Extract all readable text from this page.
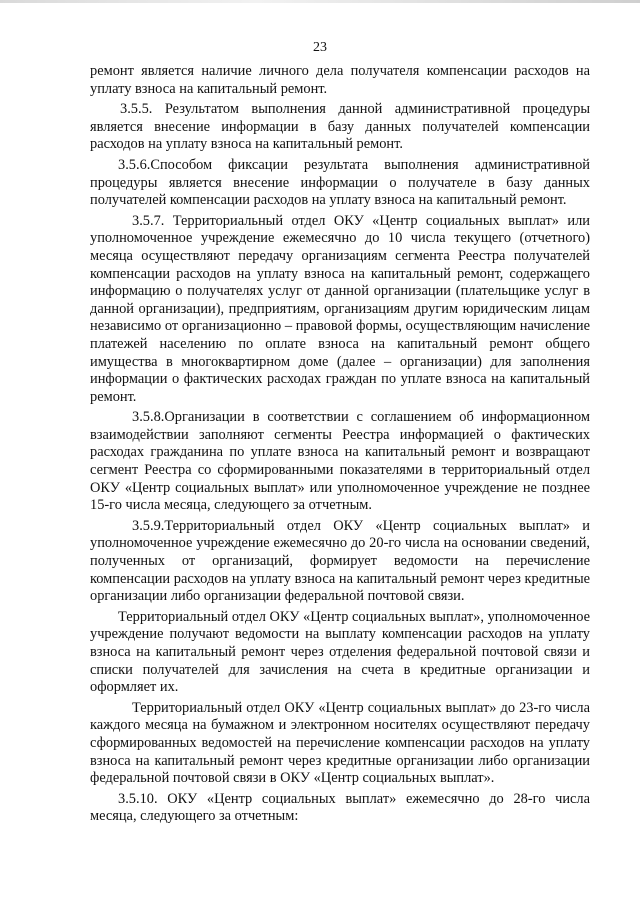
23

ремонт является наличие личного дела получателя компенсации расходов на уплату взноса на капитальный ремонт.

3.5.5. Результатом выполнения данной административной процедуры является внесение информации в базу данных получателей компенсации расходов на уплату взноса на капитальный ремонт.

3.5.6.Способом фиксации результата выполнения административной процедуры является внесение информации о получателе в базу данных получателей компенсации расходов на уплату взноса на капитальный ремонт.

3.5.7. Территориальный отдел ОКУ «Центр социальных выплат» или уполномоченное учреждение ежемесячно до 10 числа текущего (отчетного) месяца осуществляют передачу организациям сегмента Реестра получателей компенсации расходов на уплату взноса на капитальный ремонт, содержащего информацию о получателях услуг от данной организации (плательщике услуг в данной организации), предприятиям, организациям другим юридическим лицам независимо от организационно – правовой формы, осуществляющим начисление платежей населению по оплате взноса на капитальный ремонт общего имущества в многоквартирном доме (далее – организации) для заполнения информации о фактических расходах граждан по уплате взноса на капитальный ремонт.

3.5.8.Организации в соответствии с соглашением об информационном взаимодействии заполняют сегменты Реестра информацией о фактических расходах гражданина по уплате взноса на капитальный ремонт и возвращают сегмент Реестра со сформированными показателями в территориальный отдел ОКУ «Центр социальных выплат» или уполномоченное учреждение не позднее 15-го числа месяца, следующего за отчетным.

3.5.9.Территориальный отдел ОКУ «Центр социальных выплат» и уполномоченное учреждение ежемесячно до 20-го числа на основании сведений, полученных от организаций, формирует ведомости на перечисление компенсации расходов на уплату взноса на капитальный ремонт через кредитные организации либо организации федеральной почтовой связи.

Территориальный отдел ОКУ «Центр социальных выплат», уполномоченное учреждение получают ведомости на выплату компенсации расходов на уплату взноса на капитальный ремонт через отделения федеральной почтовой связи и списки получателей для зачисления на счета в кредитные организации и оформляет их.

Территориальный отдел ОКУ «Центр социальных выплат» до 23-го числа каждого месяца на бумажном и электронном носителях осуществляют передачу сформированных ведомостей на перечисление компенсации расходов на уплату взноса на капитальный ремонт через кредитные организации либо организации федеральной почтовой связи в ОКУ «Центр социальных выплат».

3.5.10. ОКУ «Центр социальных выплат» ежемесячно до 28-го числа месяца, следующего за отчетным:
